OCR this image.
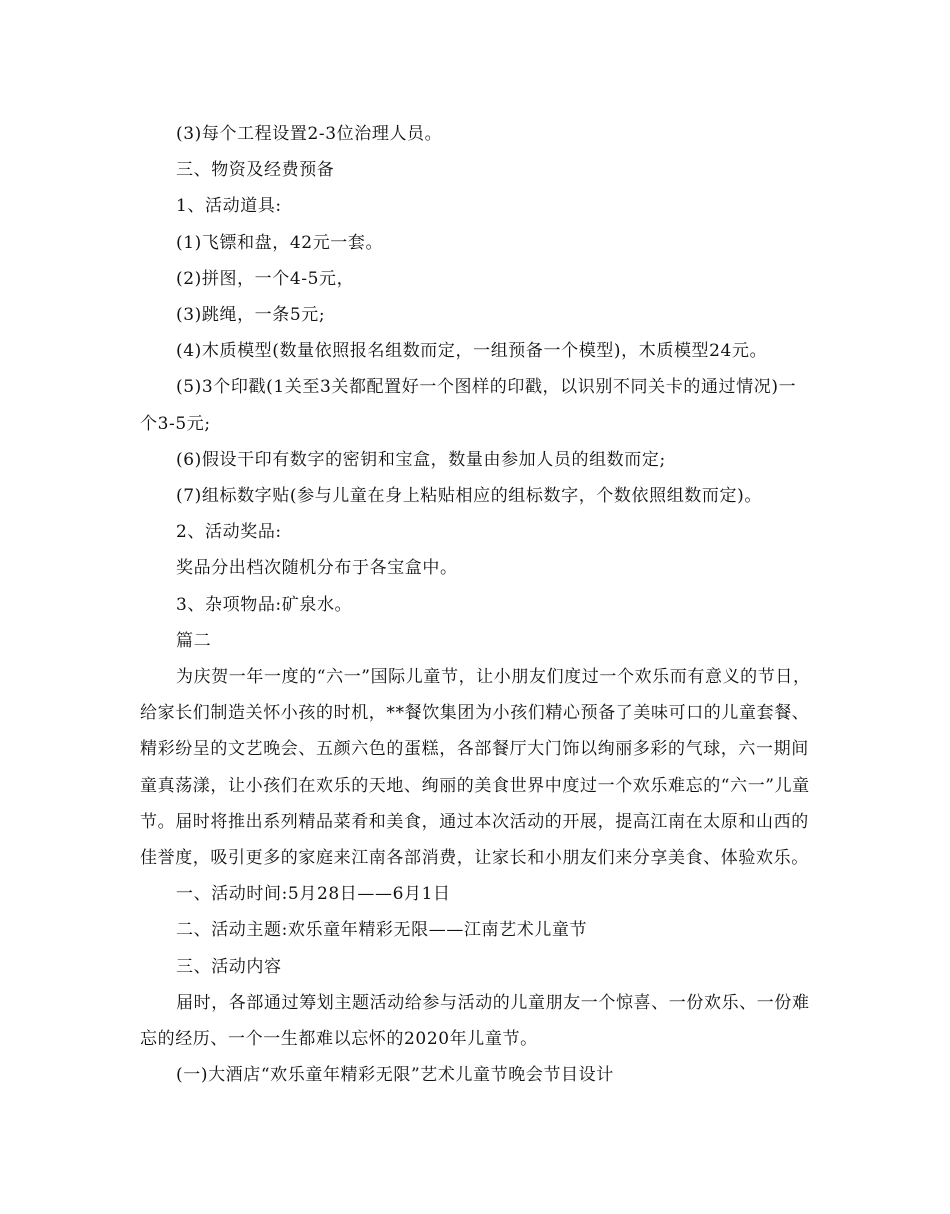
(3)每个工程设置2-3位治理人员。

三、物资及经费预备

1、活动道具:

(1)飞镖和盘，42元一套。

(2)拼图，一个4-5元，

(3)跳绳，一条5元;

(4)木质模型(数量依照报名组数而定，一组预备一个模型)，木质模型24元。

(5)3个印戳(1关至3关都配置好一个图样的印戳，以识别不同关卡的通过情况)一个3-5元;

(6)假设干印有数字的密钥和宝盒，数量由参加人员的组数而定;

(7)组标数字贴(参与儿童在身上粘贴相应的组标数字，个数依照组数而定)。

2、活动奖品:

奖品分出档次随机分布于各宝盒中。

3、杂项物品:矿泉水。

篇二

为庆贺一年一度的“六一”国际儿童节，让小朋友们度过一个欢乐而有意义的节日，给家长们制造关怀小孩的时机，**餐饮集团为小孩们精心预备了美味可口的儿童套餐、精彩纷呈的文艺晚会、五颜六色的蛋糕，各部餐厅大门饰以绚丽多彩的气球，六一期间童真荡漾，让小孩们在欢乐的天地、绚丽的美食世界中度过一个欢乐难忘的“六一”儿童节。届时将推出系列精品菜肴和美食，通过本次活动的开展，提高江南在太原和山西的佳誉度，吸引更多的家庭来江南各部消费，让家长和小朋友们来分享美食、体验欢乐。

一、活动时间:5月28日——6月1日

二、活动主题:欢乐童年精彩无限——江南艺术儿童节

三、活动内容

届时，各部通过筹划主题活动给参与活动的儿童朋友一个惊喜、一份欢乐、一份难忘的经历、一个一生都难以忘怀的2020年儿童节。

(一)大酒店“欢乐童年精彩无限”艺术儿童节晚会节目设计
